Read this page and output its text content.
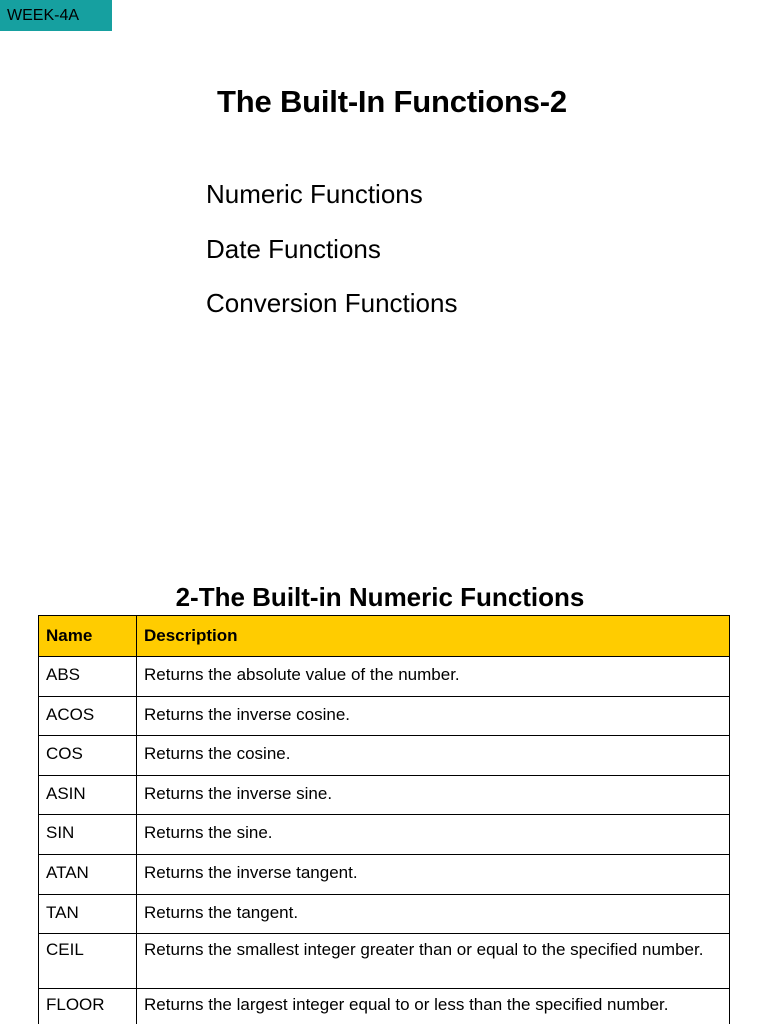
WEEK-4A
The Built-In Functions-2
Numeric Functions
Date Functions
Conversion Functions
2-The Built-in Numeric Functions
Name	Description
ABS	Returns the absolute value of the number.
ACOS	Returns the inverse cosine.
COS	Returns the cosine.
ASIN	Returns the inverse sine.
SIN	Returns the sine.
ATAN	Returns the inverse tangent.
TAN	Returns the tangent.
CEIL	Returns the smallest integer greater than or equal to the specified number.
FLOOR	Returns the largest integer equal to or less than the specified number.
